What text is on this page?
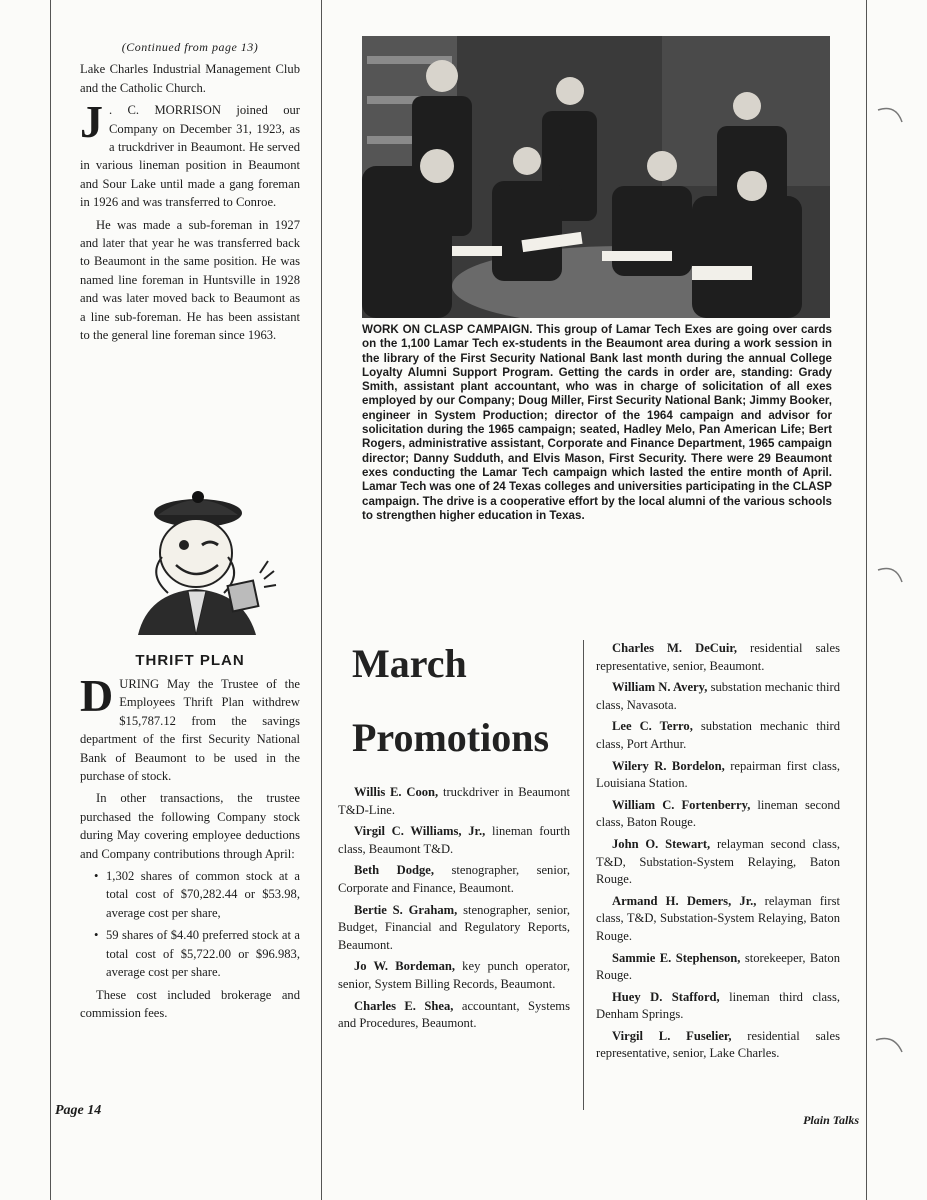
(Continued from page 13)

Lake Charles Industrial Management Club and the Catholic Church.

J . C. MORRISON joined our Company on December 31, 1923, as a truckdriver in Beaumont. He served in various lineman position in Beaumont and Sour Lake until made a gang foreman in 1926 and was transferred to Conroe.

He was made a sub-foreman in 1927 and later that year he was transferred back to Beaumont in the same position. He was named line foreman in Huntsville in 1928 and was later moved back to Beaumont as a line sub-foreman. He has been assistant to the general line foreman since 1963.

THRIFT PLAN

DURING May the Trustee of the Employees Thrift Plan withdrew $15,787.12 from the savings department of the first Security National Bank of Beaumont to be used in the purchase of stock.

In other transactions, the trustee purchased the following Company stock during May covering employee deductions and Company contributions through April:

• 1,302 shares of common stock at a total cost of $70,282.44 or $53.98, average cost per share,
• 59 shares of $4.40 preferred stock at a total cost of $5,722.00 or $96.983, average cost per share.

These cost included brokerage and commission fees.

WORK ON CLASP CAMPAIGN. This group of Lamar Tech Exes are going over cards on the 1,100 Lamar Tech ex-students in the Beaumont area during a work session in the library of the First Security National Bank last month during the annual College Loyalty Alumni Support Program. Getting the cards in order are, standing: Grady Smith, assistant plant accountant, who was in charge of solicitation of all exes employed by our Company; Doug Miller, First Security National Bank; Jimmy Booker, engineer in System Production; director of the 1964 campaign and advisor for solicitation during the 1965 campaign; seated, Hadley Melo, Pan American Life; Bert Rogers, administrative assistant, Corporate and Finance Department, 1965 campaign director; Danny Sudduth, and Elvis Mason, First Security. There were 29 Beaumont exes conducting the Lamar Tech campaign which lasted the entire month of April. Lamar Tech was one of 24 Texas colleges and universities participating in the CLASP campaign. The drive is a cooperative effort by the local alumni of the various schools to strengthen higher education in Texas.
March
Promotions

Willis E. Coon, truckdriver in Beaumont T&D-Line.

Virgil C. Williams, Jr., lineman fourth class, Beaumont T&D.

Beth Dodge, stenographer, senior, Corporate and Finance, Beaumont.

Bertie S. Graham, stenographer, senior, Budget, Financial and Regulatory Reports, Beaumont.

Jo W. Bordeman, key punch operator, senior, System Billing Records, Beaumont.

Charles E. Shea, accountant, Systems and Procedures, Beaumont.

Charles M. DeCuir, residential sales representative, senior, Beaumont.

William N. Avery, substation mechanic third class, Navasota.

Lee C. Terro, substation mechanic third class, Port Arthur.

Wilery R. Bordelon, repairman first class, Louisiana Station.

William C. Fortenberry, lineman second class, Baton Rouge.

John O. Stewart, relayman second class, T&D, Substation-System Relaying, Baton Rouge.

Armand H. Demers, Jr., relayman first class, T&D, Substation-System Relaying, Baton Rouge.

Sammie E. Stephenson, storekeeper, Baton Rouge.

Huey D. Stafford, lineman third class, Denham Springs.

Virgil L. Fuselier, residential sales representative, senior, Lake Charles.

Page 14
Plain Talks
